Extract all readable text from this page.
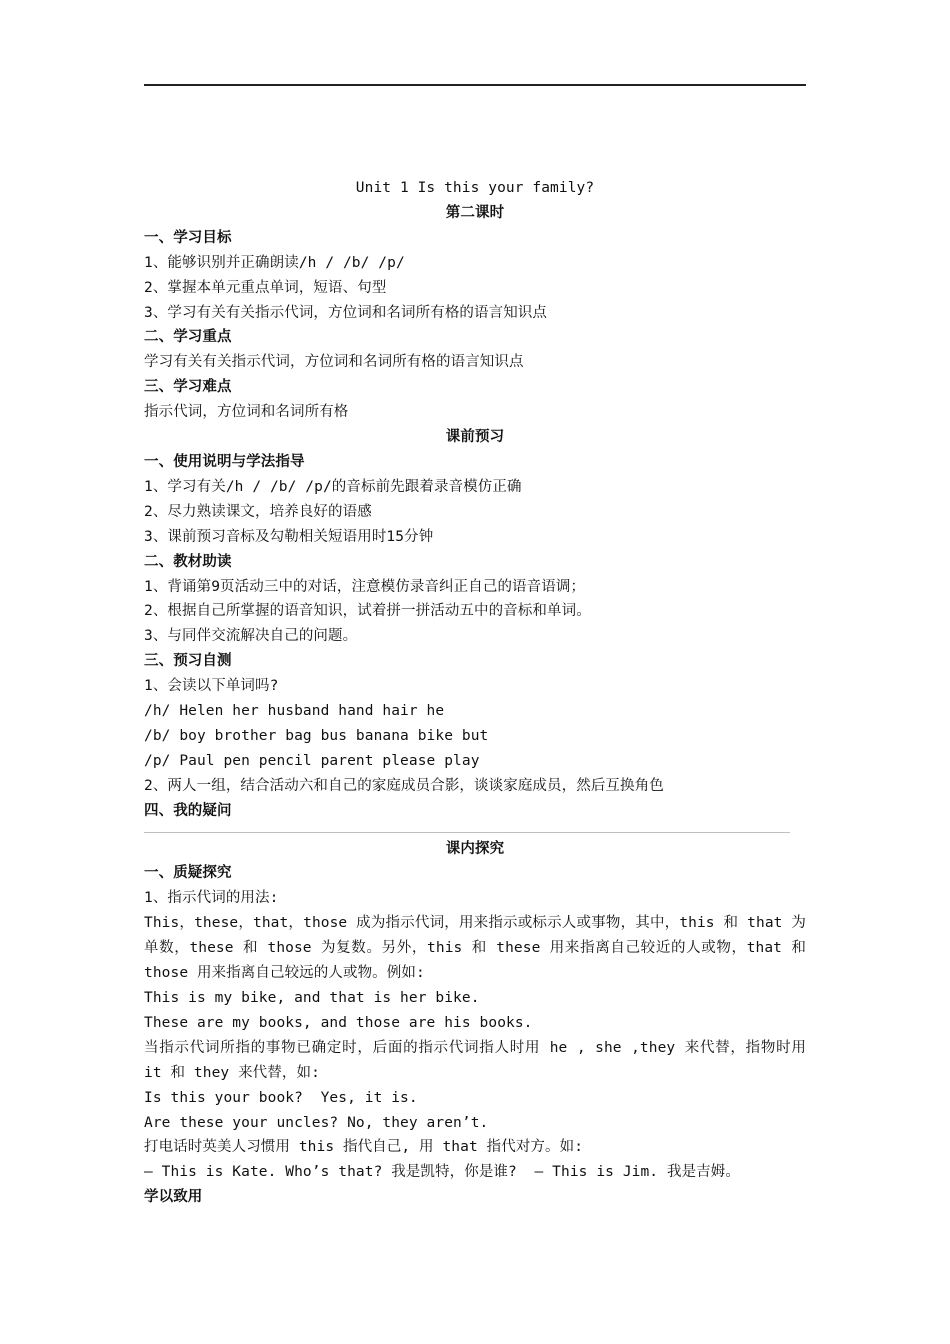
Unit 1 Is this your family?
第二课时
一、学习目标
1、能够识别并正确朗读/h / /b/ /p/
2、掌握本单元重点单词，短语、句型
3、学习有关有关指示代词，方位词和名词所有格的语言知识点
二、学习重点
学习有关有关指示代词，方位词和名词所有格的语言知识点
三、学习难点
指示代词，方位词和名词所有格
课前预习
一、使用说明与学法指导
1、学习有关/h / /b/ /p/的音标前先跟着录音模仿正确
2、尽力熟读课文，培养良好的语感
3、课前预习音标及勾勒相关短语用时15分钟
二、教材助读
1、背诵第9页活动三中的对话，注意模仿录音纠正自己的语音语调；
2、根据自己所掌握的语音知识，试着拼一拼活动五中的音标和单词。
3、与同伴交流解决自己的问题。
三、预习自测
1、会读以下单词吗?
/h/ Helen her husband hand hair he
/b/ boy brother bag bus banana bike but
/p/ Paul pen pencil parent please play
2、两人一组，结合活动六和自己的家庭成员合影，谈谈家庭成员，然后互换角色
四、我的疑问
课内探究
一、质疑探究
1、指示代词的用法:
This，these，that，those 成为指示代词，用来指示或标示人或事物，其中，this 和 that 为单数，these 和 those 为复数。另外，this 和 these 用来指离自己较近的人或物，that 和 those 用来指离自己较远的人或物。例如:
This is my bike, and that is her bike.
These are my books, and those are his books.
当指示代词所指的事物已确定时，后面的指示代词指人时用 he , she ,they 来代替，指物时用 it 和 they 来代替，如:
Is this your book?  Yes, it is.
Are these your uncles? No, they aren’t.
打电话时英美人习惯用 this 指代自己, 用 that 指代对方。如:
— This is Kate. Who’s that? 我是凯特，你是谁?  — This is Jim. 我是吉姆。
学以致用
